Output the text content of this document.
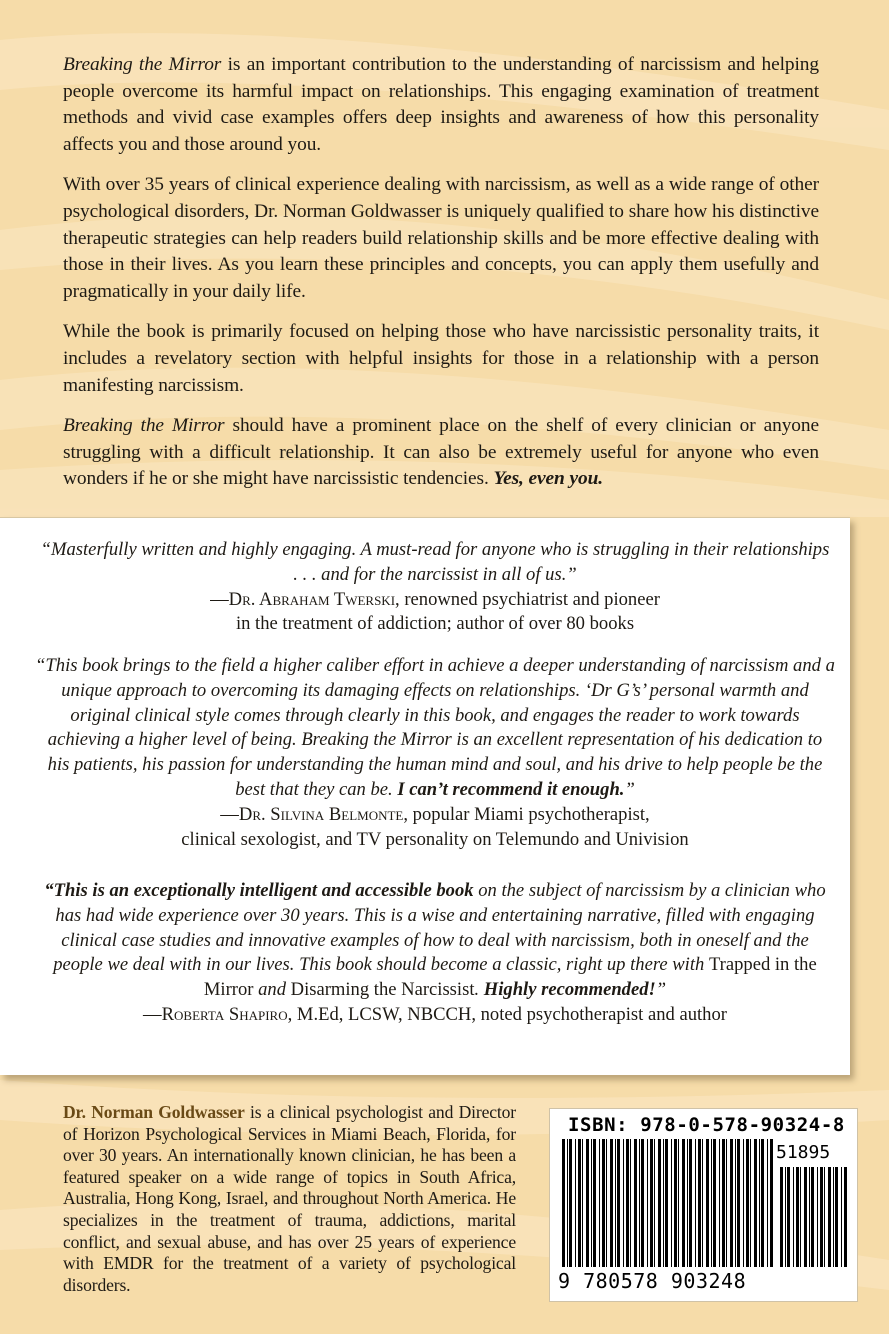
Breaking the Mirror is an important contribution to the understanding of narcissism and helping people overcome its harmful impact on relationships. This engaging examination of treatment methods and vivid case examples offers deep insights and awareness of how this personality affects you and those around you.

With over 35 years of clinical experience dealing with narcissism, as well as a wide range of other psychological disorders, Dr. Norman Goldwasser is uniquely qualified to share how his distinctive therapeutic strategies can help readers build relationship skills and be more effective dealing with those in their lives. As you learn these principles and concepts, you can apply them usefully and pragmatically in your daily life.

While the book is primarily focused on helping those who have narcissistic personality traits, it includes a revelatory section with helpful insights for those in a relationship with a person manifesting narcissism.

Breaking the Mirror should have a prominent place on the shelf of every clinician or anyone struggling with a difficult relationship. It can also be extremely useful for anyone who even wonders if he or she might have narcissistic tendencies. Yes, even you.

“Masterfully written and highly engaging. A must-read for anyone who is struggling in their relationships . . . and for the narcissist in all of us.”

—Dr. Abraham Twerski, renowned psychiatrist and pioneer

in the treatment of addiction; author of over 80 books

“This book brings to the field a higher caliber effort in achieve a deeper understanding of narcissism and a unique approach to overcoming its damaging effects on relationships. ‘Dr G’s’ personal warmth and original clinical style comes through clearly in this book, and engages the reader to work towards achieving a higher level of being. Breaking the Mirror is an excellent representation of his dedication to his patients, his passion for understanding the human mind and soul, and his drive to help people be the best that they can be. I can’t recommend it enough.”

—Dr. Silvina Belmonte, popular Miami psychotherapist,

clinical sexologist, and TV personality on Telemundo and Univision

“This is an exceptionally intelligent and accessible book on the subject of narcissism by a clinician who has had wide experience over 30 years. This is a wise and entertaining narrative, filled with engaging clinical case studies and innovative examples of how to deal with narcissism, both in oneself and the people we deal with in our lives. This book should become a classic, right up there with Trapped in the Mirror and Disarming the Narcissist. Highly recommended!”

—Roberta Shapiro, M.Ed, LCSW, NBCCH, noted psychotherapist and author

Dr. Norman Goldwasser is a clinical psychologist and Director of Horizon Psychological Services in Miami Beach, Florida, for over 30 years. An internationally known clinician, he has been a featured speaker on a wide range of topics in South Africa, Australia, Hong Kong, Israel, and throughout North America. He specializes in the treatment of trauma, addictions, marital conflict, and sexual abuse, and has over 25 years of experience with EMDR for the treatment of a variety of psychological disorders.
ISBN: 978-0-578-90324-8
51895
9 780578 903248
